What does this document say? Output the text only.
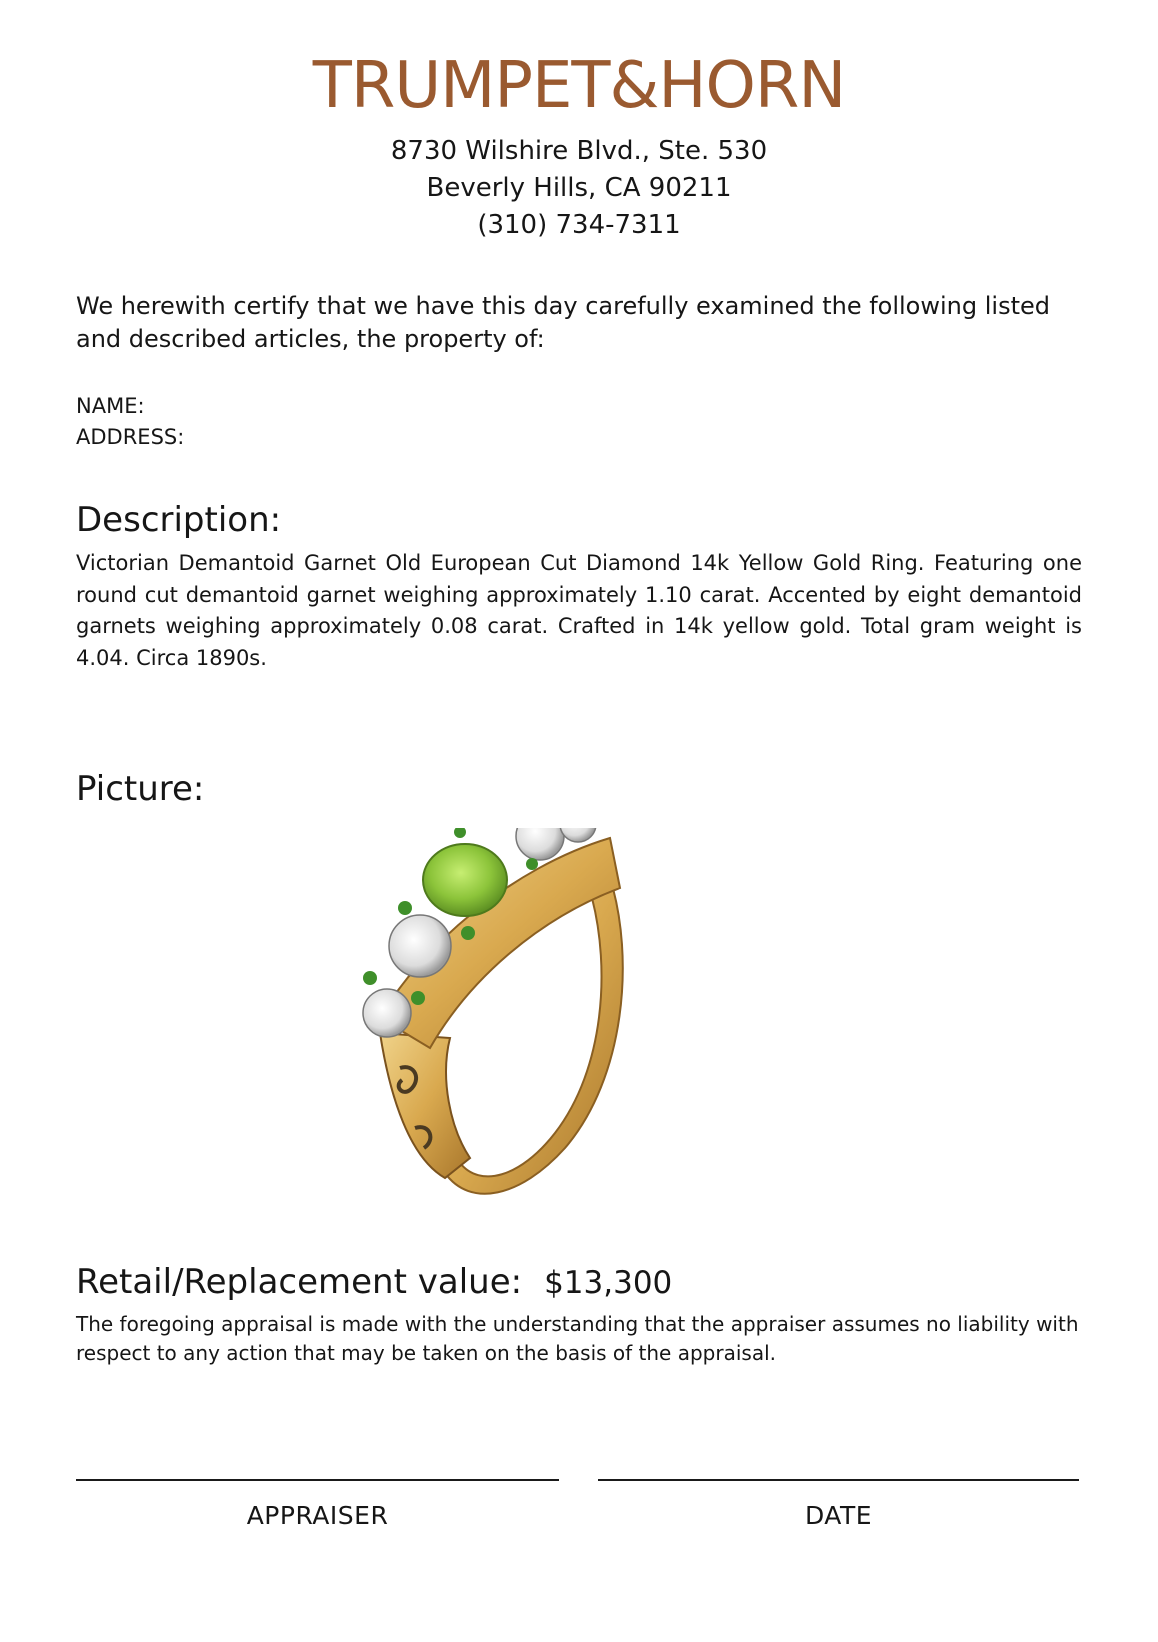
TRUMPET&HORN
8730 Wilshire Blvd., Ste. 530
Beverly Hills, CA 90211
(310) 734-7311
We herewith certify that we have this day carefully examined the following listed and described articles, the property of:
NAME:
ADDRESS:
Description:
Victorian Demantoid Garnet Old European Cut Diamond 14k Yellow Gold Ring. Featuring one round cut demantoid garnet weighing approximately 1.10 carat. Accented by eight demantoid garnets weighing approximately 0.08 carat. Crafted in 14k yellow gold. Total gram weight is 4.04. Circa 1890s.
Picture:
Retail/Replacement value: $13,300
The foregoing appraisal is made with the understanding that the appraiser assumes no liability with respect to any action that may be taken on the basis of the appraisal.
APPRAISER	DATE
